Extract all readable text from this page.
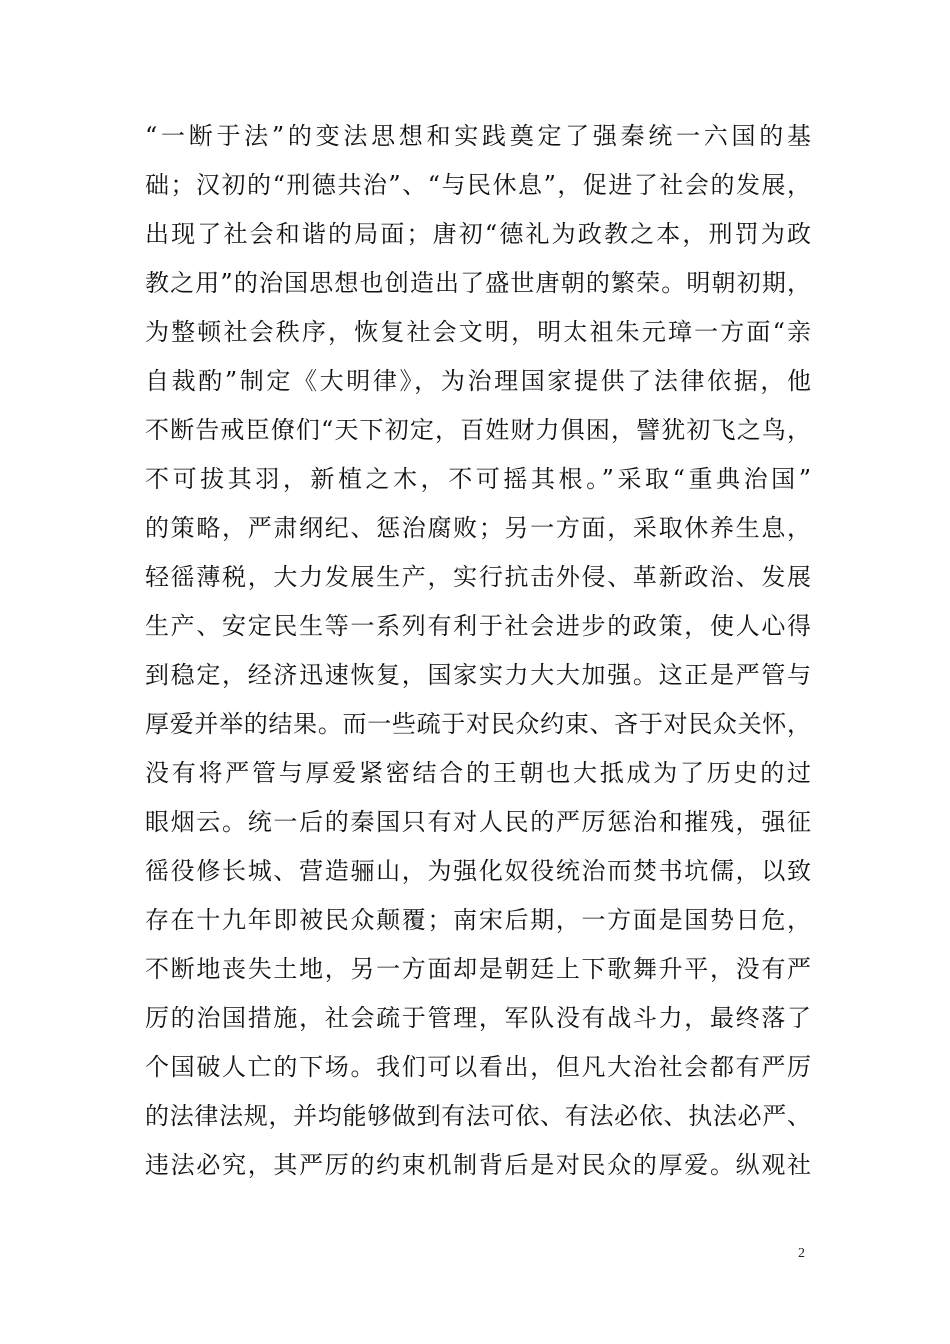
“一断于法”的变法思想和实践奠定了强秦统一六国的基
础；汉初的“刑德共治”、“与民休息”，促进了社会的发展，
出现了社会和谐的局面；唐初“德礼为政教之本，刑罚为政
教之用”的治国思想也创造出了盛世唐朝的繁荣。明朝初期，
为整顿社会秩序，恢复社会文明，明太祖朱元璋一方面“亲
自裁酌”制定《大明律》，为治理国家提供了法律依据，他
不断告戒臣僚们“天下初定，百姓财力俱困，譬犹初飞之鸟，
不可拔其羽，新植之木，不可摇其根。”采取“重典治国”
的策略，严肃纲纪、惩治腐败；另一方面，采取休养生息，
轻徭薄税，大力发展生产，实行抗击外侵、革新政治、发展
生产、安定民生等一系列有利于社会进步的政策，使人心得
到稳定，经济迅速恢复，国家实力大大加强。这正是严管与
厚爱并举的结果。而一些疏于对民众约束、吝于对民众关怀，
没有将严管与厚爱紧密结合的王朝也大抵成为了历史的过
眼烟云。统一后的秦国只有对人民的严厉惩治和摧残，强征
徭役修长城、营造骊山，为强化奴役统治而焚书坑儒，以致
存在十九年即被民众颠覆；南宋后期，一方面是国势日危，
不断地丧失土地，另一方面却是朝廷上下歌舞升平，没有严
厉的治国措施，社会疏于管理，军队没有战斗力，最终落了
个国破人亡的下场。我们可以看出，但凡大治社会都有严厉
的法律法规，并均能够做到有法可依、有法必依、执法必严、
违法必究，其严厉的约束机制背后是对民众的厚爱。纵观社
2
